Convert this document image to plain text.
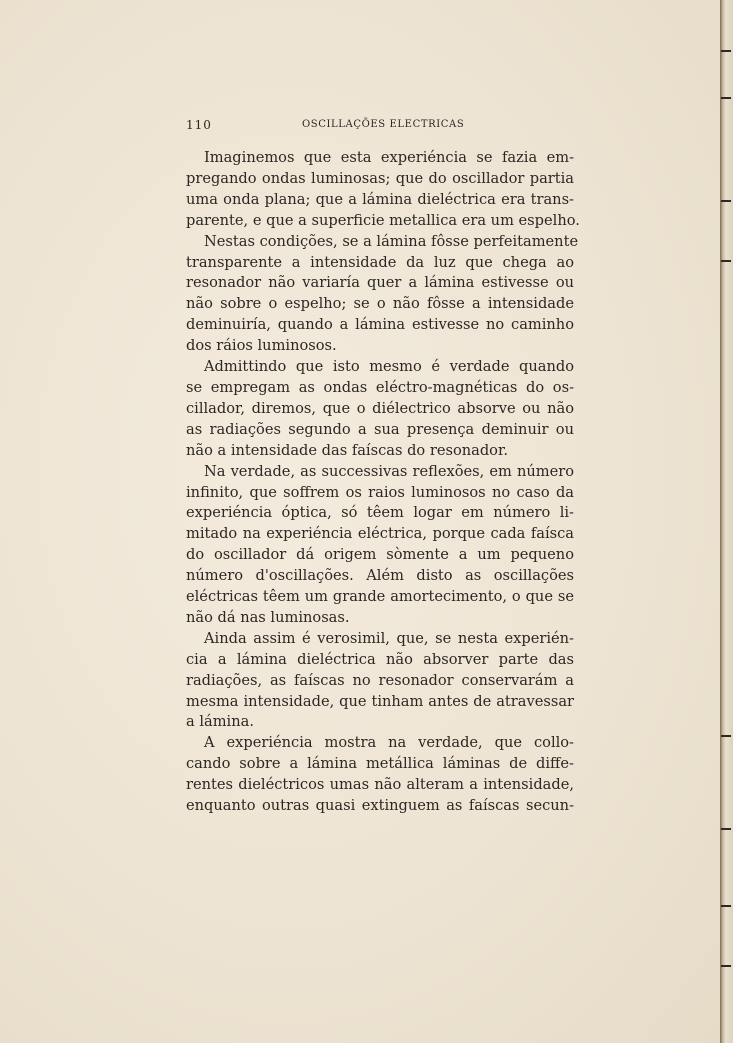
110	OSCILLAÇÕES ELECTRICAS

Imaginemos que esta experiéncia se fazia em-
pregando ondas luminosas; que do oscillador partia
uma onda plana; que a lámina dieléctrica era trans-
parente, e que a superficie metallica era um espelho.

Nestas condições, se a lámina fôsse perfeitamente
transparente a intensidade da luz que chega ao
resonador não variaría quer a lámina estivesse ou
não sobre o espelho; se o não fôsse a intensidade
deminuiría, quando a lámina estivesse no caminho
dos ráios luminosos.

Admittindo que isto mesmo é verdade quando
se empregam as ondas eléctro-magnéticas do os-
cillador, diremos, que o diélectrico absorve ou não
as radiações segundo a sua presença deminuir ou
não a intensidade das faíscas do resonador.

Na verdade, as successivas reflexões, em número
infinito, que soffrem os raios luminosos no caso da
experiéncia óptica, só têem logar em número li-
mitado na experiéncia eléctrica, porque cada faísca
do oscillador dá origem sòmente a um pequeno
número d'oscillações. Além disto as oscillações
eléctricas têem um grande amortecimento, o que se
não dá nas luminosas.

Ainda assim é verosimil, que, se nesta experién-
cia a lámina dieléctrica não absorver parte das
radiações, as faíscas no resonador conservarám a
mesma intensidade, que tinham antes de atravessar
a lámina.

A experiéncia mostra na verdade, que collo-
cando sobre a lámina metállica láminas de diffe-
rentes dieléctricos umas não alteram a intensidade,
enquanto outras quasi extinguem as faíscas secun-
